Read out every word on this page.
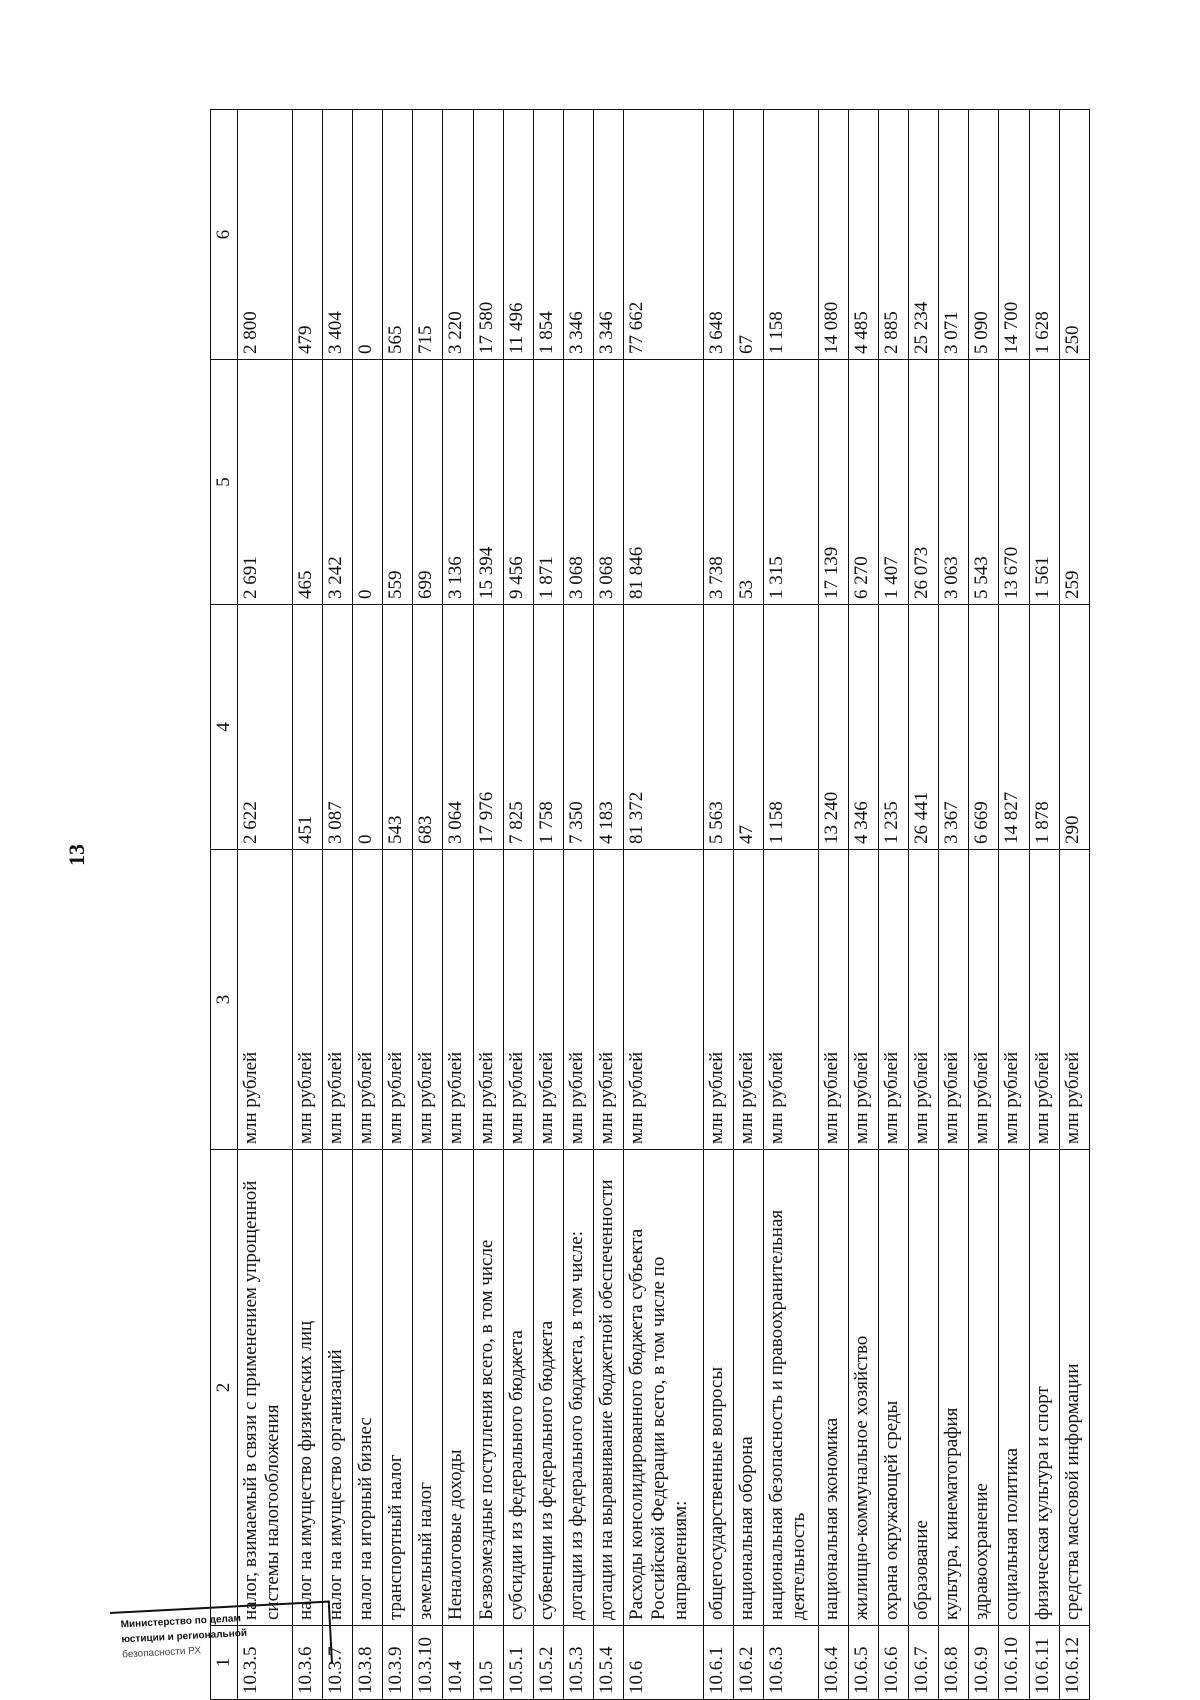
13
1	2	3	4	5	6
10.3.5	налог, взимаемый в связи с применением упрощенной системы налогообложения	млн рублей	2 622	2 691	2 800
10.3.6	налог на имущество физических лиц	млн рублей	451	465	479
10.3.7	налог на имущество организаций	млн рублей	3 087	3 242	3 404
10.3.8	налог на игорный бизнес	млн рублей	0	0	0
10.3.9	транспортный налог	млн рублей	543	559	565
10.3.10	земельный налог	млн рублей	683	699	715
10.4	Неналоговые доходы	млн рублей	3 064	3 136	3 220
10.5	Безвозмездные поступления всего, в том числе	млн рублей	17 976	15 394	17 580
10.5.1	субсидии из федерального бюджета	млн рублей	7 825	9 456	11 496
10.5.2	субвенции из федерального бюджета	млн рублей	1 758	1 871	1 854
10.5.3	дотации из федерального бюджета, в том числе:	млн рублей	7 350	3 068	3 346
10.5.4	дотации на выравнивание бюджетной обеспеченности	млн рублей	4 183	3 068	3 346
10.6	Расходы консолидированного бюджета субъекта Российской Федерации всего, в том числе по направлениям:	млн рублей	81 372	81 846	77 662
10.6.1	общегосударственные вопросы	млн рублей	5 563	3 738	3 648
10.6.2	национальная оборона	млн рублей	47	53	67
10.6.3	национальная безопасность и правоохранительная деятельность	млн рублей	1 158	1 315	1 158
10.6.4	национальная экономика	млн рублей	13 240	17 139	14 080
10.6.5	жилищно-коммунальное хозяйство	млн рублей	4 346	6 270	4 485
10.6.6	охрана окружающей среды	млн рублей	1 235	1 407	2 885
10.6.7	образование	млн рублей	26 441	26 073	25 234
10.6.8	культура, кинематография	млн рублей	3 367	3 063	3 071
10.6.9	здравоохранение	млн рублей	6 669	5 543	5 090
10.6.10	социальная политика	млн рублей	14 827	13 670	14 700
10.6.11	физическая культура и спорт	млн рублей	1 878	1 561	1 628
10.6.12	средства массовой информации	млн рублей	290	259	250
Министерство по делам
юстиции и региональной
безопасности РХ
